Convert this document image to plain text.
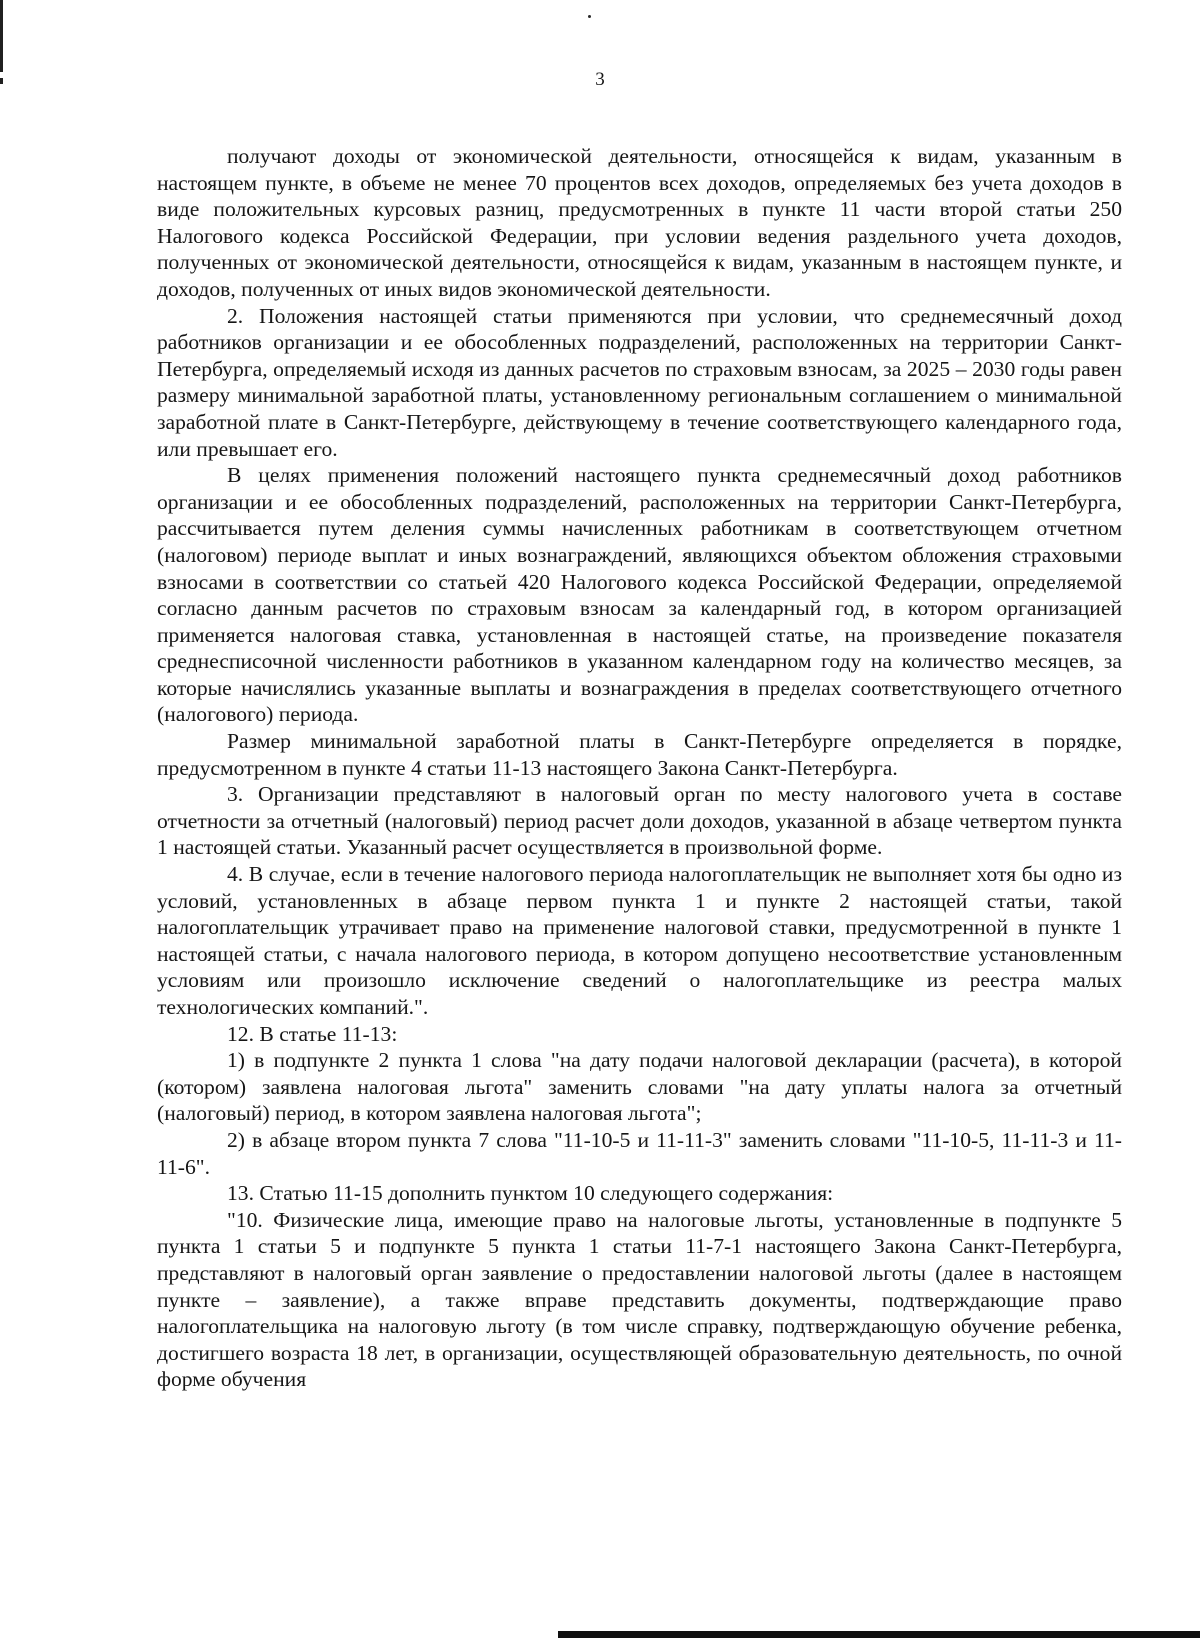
3

получают доходы от экономической деятельности, относящейся к видам, указанным в настоящем пункте, в объеме не менее 70 процентов всех доходов, определяемых без учета доходов в виде положительных курсовых разниц, предусмотренных в пункте 11 части второй статьи 250 Налогового кодекса Российской Федерации, при условии ведения раздельного учета доходов, полученных от экономической деятельности, относящейся к видам, указанным в настоящем пункте, и доходов, полученных от иных видов экономической деятельности.

2. Положения настоящей статьи применяются при условии, что среднемесячный доход работников организации и ее обособленных подразделений, расположенных на территории Санкт-Петербурга, определяемый исходя из данных расчетов по страховым взносам, за 2025 – 2030 годы равен размеру минимальной заработной платы, установленному региональным соглашением о минимальной заработной плате в Санкт-Петербурге, действующему в течение соответствующего календарного года, или превышает его.

В целях применения положений настоящего пункта среднемесячный доход работников организации и ее обособленных подразделений, расположенных на территории Санкт-Петербурга, рассчитывается путем деления суммы начисленных работникам в соответствующем отчетном (налоговом) периоде выплат и иных вознаграждений, являющихся объектом обложения страховыми взносами в соответствии со статьей 420 Налогового кодекса Российской Федерации, определяемой согласно данным расчетов по страховым взносам за календарный год, в котором организацией применяется налоговая ставка, установленная в настоящей статье, на произведение показателя среднесписочной численности работников в указанном календарном году на количество месяцев, за которые начислялись указанные выплаты и вознаграждения в пределах соответствующего отчетного (налогового) периода.

Размер минимальной заработной платы в Санкт-Петербурге определяется в порядке, предусмотренном в пункте 4 статьи 11-13 настоящего Закона Санкт-Петербурга.

3. Организации представляют в налоговый орган по месту налогового учета в составе отчетности за отчетный (налоговый) период расчет доли доходов, указанной в абзаце четвертом пункта 1 настоящей статьи. Указанный расчет осуществляется в произвольной форме.

4. В случае, если в течение налогового периода налогоплательщик не выполняет хотя бы одно из условий, установленных в абзаце первом пункта 1 и пункте 2 настоящей статьи, такой налогоплательщик утрачивает право на применение налоговой ставки, предусмотренной в пункте 1 настоящей статьи, с начала налогового периода, в котором допущено несоответствие установленным условиям или произошло исключение сведений о налогоплательщике из реестра малых технологических компаний.".

12. В статье 11-13:

1) в подпункте 2 пункта 1 слова "на дату подачи налоговой декларации (расчета), в которой (котором) заявлена налоговая льгота" заменить словами "на дату уплаты налога за отчетный (налоговый) период, в котором заявлена налоговая льгота";

2) в абзаце втором пункта 7 слова "11-10-5 и 11-11-3" заменить словами "11-10-5, 11-11-3 и 11-11-6".

13. Статью 11-15 дополнить пунктом 10 следующего содержания:

"10. Физические лица, имеющие право на налоговые льготы, установленные в подпункте 5 пункта 1 статьи 5 и подпункте 5 пункта 1 статьи 11-7-1 настоящего Закона Санкт-Петербурга, представляют в налоговый орган заявление о предоставлении налоговой льготы (далее в настоящем пункте – заявление), а также вправе представить документы, подтверждающие право налогоплательщика на налоговую льготу (в том числе справку, подтверждающую обучение ребенка, достигшего возраста 18 лет, в организации, осуществляющей образовательную деятельность, по очной форме обучения
